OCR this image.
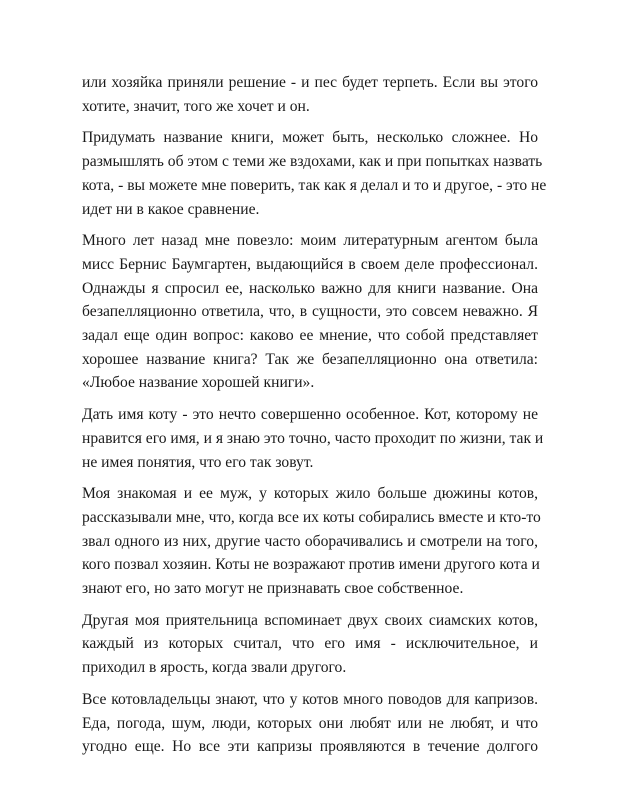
или хозяйка приняли решение - и пес будет терпеть. Если вы этого
хотите, значит, того же хочет и он.

Придумать название книги, может быть, несколько сложнее. Но
размышлять об этом с теми же вздохами, как и при попытках назвать
кота, - вы можете мне поверить, так как я делал и то и другое, - это не
идет ни в какое сравнение.

Много лет назад мне повезло: моим литературным агентом была
мисс Бернис Баумгартен, выдающийся в своем деле профессионал.
Однажды я спросил ее, насколько важно для книги название. Она
безапелляционно ответила, что, в сущности, это совсем неважно. Я
задал еще один вопрос: каково ее мнение, что собой представляет
хорошее название книга? Так же безапелляционно она ответила:
«Любое название хорошей книги».

Дать имя коту - это нечто совершенно особенное. Кот, которому не
нравится его имя, и я знаю это точно, часто проходит по жизни, так и
не имея понятия, что его так зовут.

Моя знакомая и ее муж, у которых жило больше дюжины котов,
рассказывали мне, что, когда все их коты собирались вместе и кто-то
звал одного из них, другие часто оборачивались и смотрели на того,
кого позвал хозяин. Коты не возражают против имени другого кота и
знают его, но зато могут не признавать свое собственное.

Другая моя приятельница вспоминает двух своих сиамских котов,
каждый из которых считал, что его имя - исключительное, и
приходил в ярость, когда звали другого.

Все котовладельцы знают, что у котов много поводов для капризов.
Еда, погода, шум, люди, которых они любят или не любят, и что
угодно еще. Но все эти капризы проявляются в течение долгого
